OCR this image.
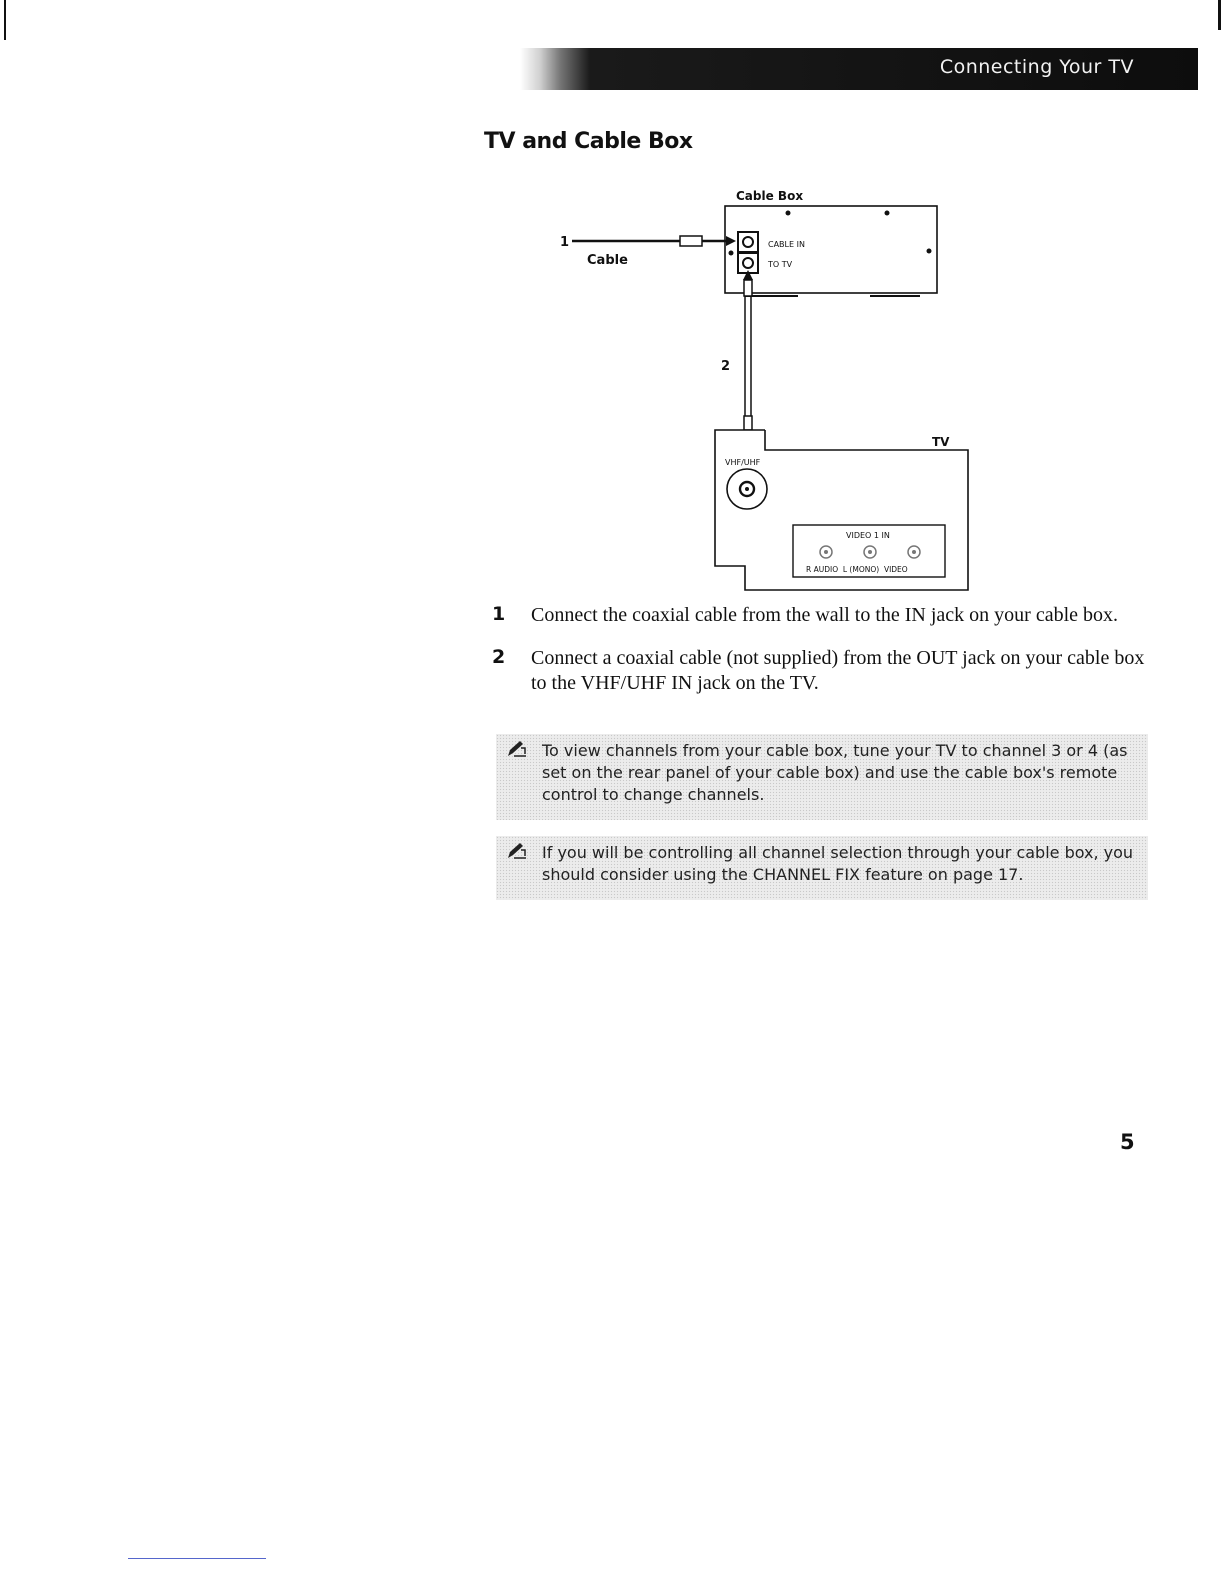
Connecting Your TV
TV and Cable Box
Cable Box
CABLE IN
TO TV
1
Cable
2
TV
VHF/UHF
VIDEO 1 IN
R AUDIO  L (MONO)  VIDEO
1 Connect the coaxial cable from the wall to the IN jack on your cable box.
2 Connect a coaxial cable (not supplied) from the OUT jack on your cable box to the VHF/UHF IN jack on the TV.
To view channels from your cable box, tune your TV to channel 3 or 4 (as set on the rear panel of your cable box) and use the cable box's remote control to change channels.
If you will be controlling all channel selection through your cable box, you should consider using the CHANNEL FIX feature on page 17.
5
